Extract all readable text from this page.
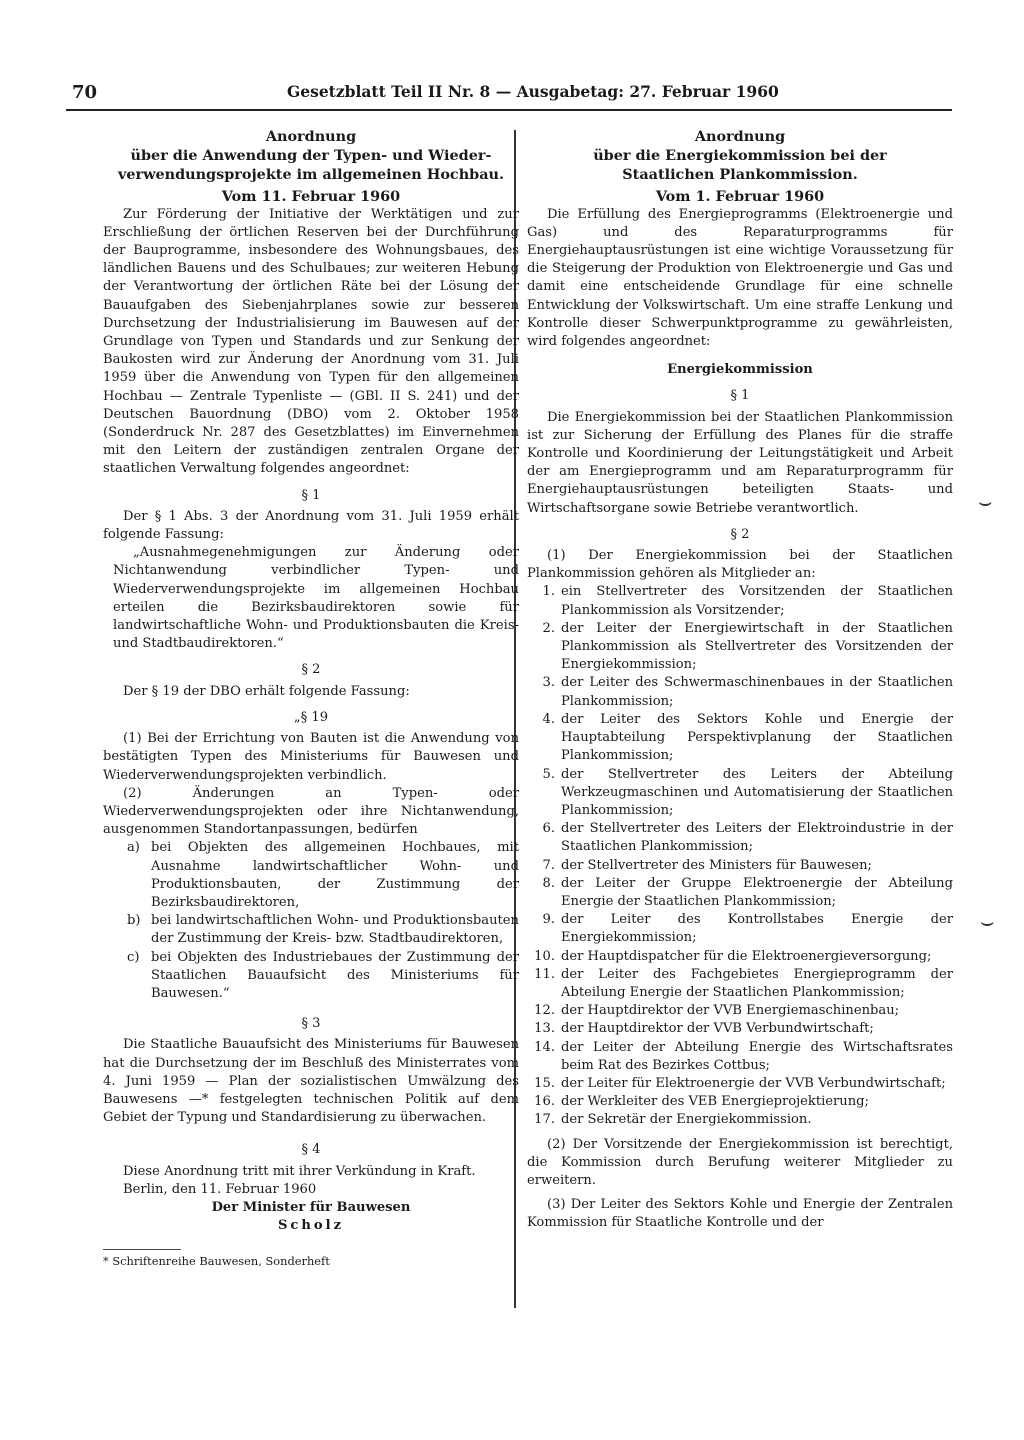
70	Gesetzblatt Teil II Nr. 8 — Ausgabetag: 27. Februar 1960
Anordnung
über die Anwendung der Typen- und Wieder-
verwendungsprojekte im allgemeinen Hochbau.
Vom 11. Februar 1960

Zur Förderung der Initiative der Werktätigen und zur Erschließung der örtlichen Reserven bei der Durchführung der Bauprogramme, insbesondere des Wohnungsbaues, des ländlichen Bauens und des Schulbaues; zur weiteren Hebung der Verantwortung der örtlichen Räte bei der Lösung der Bauaufgaben des Siebenjahrplanes sowie zur besseren Durchsetzung der Industrialisierung im Bauwesen auf der Grundlage von Typen und Standards und zur Senkung der Baukosten wird zur Änderung der Anordnung vom 31. Juli 1959 über die Anwendung von Typen für den allgemeinen Hochbau — Zentrale Typenliste — (GBl. II S. 241) und der Deutschen Bauordnung (DBO) vom 2. Oktober 1958 (Sonderdruck Nr. 287 des Gesetzblattes) im Einvernehmen mit den Leitern der zuständigen zentralen Organe der staatlichen Verwaltung folgendes angeordnet:

§ 1

Der § 1 Abs. 3 der Anordnung vom 31. Juli 1959 erhält folgende Fassung:

„Ausnahmegenehmigungen zur Änderung oder Nichtanwendung verbindlicher Typen- und Wiederverwendungsprojekte im allgemeinen Hochbau erteilen die Bezirksbaudirektoren sowie für landwirtschaftliche Wohn- und Produktionsbauten die Kreis- und Stadtbaudirektoren.“

§ 2

Der § 19 der DBO erhält folgende Fassung:

„§ 19

(1) Bei der Errichtung von Bauten ist die Anwendung von bestätigten Typen des Ministeriums für Bauwesen und Wiederverwendungsprojekten verbindlich.

(2) Änderungen an Typen- oder Wiederverwendungsprojekten oder ihre Nichtanwendung, ausgenommen Standortanpassungen, bedürfen

a) bei Objekten des allgemeinen Hochbaues, mit Ausnahme landwirtschaftlicher Wohn- und Produktionsbauten, der Zustimmung der Bezirksbaudirektoren,
b) bei landwirtschaftlichen Wohn- und Produktionsbauten der Zustimmung der Kreis- bzw. Stadtbaudirektoren,
c) bei Objekten des Industriebaues der Zustimmung der Staatlichen Bauaufsicht des Ministeriums für Bauwesen.“
§ 3

Die Staatliche Bauaufsicht des Ministeriums für Bauwesen hat die Durchsetzung der im Beschluß des Ministerrates vom 4. Juni 1959 — Plan der sozialistischen Umwälzung des Bauwesens —* festgelegten technischen Politik auf dem Gebiet der Typung und Standardisierung zu überwachen.

§ 4

Diese Anordnung tritt mit ihrer Verkündung in Kraft.

Berlin, den 11. Februar 1960

Der Minister für Bauwesen
Scholz
* Schriftenreihe Bauwesen, Sonderheft
Anordnung
über die Energiekommission bei der
Staatlichen Plankommission.
Vom 1. Februar 1960

Die Erfüllung des Energieprogramms (Elektroenergie und Gas) und des Reparaturprogramms für Energiehauptausrüstungen ist eine wichtige Voraussetzung für die Steigerung der Produktion von Elektroenergie und Gas und damit eine entscheidende Grundlage für eine schnelle Entwicklung der Volkswirtschaft. Um eine straffe Lenkung und Kontrolle dieser Schwerpunktprogramme zu gewährleisten, wird folgendes angeordnet:

Energiekommission
§ 1

Die Energiekommission bei der Staatlichen Plankommission ist zur Sicherung der Erfüllung des Planes für die straffe Kontrolle und Koordinierung der Leitungstätigkeit und Arbeit der am Energieprogramm und am Reparaturprogramm für Energiehauptausrüstungen beteiligten Staats- und Wirtschaftsorgane sowie Betriebe verantwortlich.

§ 2

(1) Der Energiekommission bei der Staatlichen Plankommission gehören als Mitglieder an:

1. ein Stellvertreter des Vorsitzenden der Staatlichen Plankommission als Vorsitzender;
2. der Leiter der Energiewirtschaft in der Staatlichen Plankommission als Stellvertreter des Vorsitzenden der Energiekommission;
3. der Leiter des Schwermaschinenbaues in der Staatlichen Plankommission;
4. der Leiter des Sektors Kohle und Energie der Hauptabteilung Perspektivplanung der Staatlichen Plankommission;
5. der Stellvertreter des Leiters der Abteilung Werkzeugmaschinen und Automatisierung der Staatlichen Plankommission;
6. der Stellvertreter des Leiters der Elektroindustrie in der Staatlichen Plankommission;
7. der Stellvertreter des Ministers für Bauwesen;
8. der Leiter der Gruppe Elektroenergie der Abteilung Energie der Staatlichen Plankommission;
9. der Leiter des Kontrollstabes Energie der Energiekommission;
10. der Hauptdispatcher für die Elektroenergieversorgung;
11. der Leiter des Fachgebietes Energieprogramm der Abteilung Energie der Staatlichen Plankommission;
12. der Hauptdirektor der VVB Energiemaschinenbau;
13. der Hauptdirektor der VVB Verbundwirtschaft;
14. der Leiter der Abteilung Energie des Wirtschaftsrates beim Rat des Bezirkes Cottbus;
15. der Leiter für Elektroenergie der VVB Verbundwirtschaft;
16. der Werkleiter des VEB Energieprojektierung;
17. der Sekretär der Energiekommission.

(2) Der Vorsitzende der Energiekommission ist berechtigt, die Kommission durch Berufung weiterer Mitglieder zu erweitern.

(3) Der Leiter des Sektors Kohle und Energie der Zentralen Kommission für Staatliche Kontrolle und der

⌣
⌣
